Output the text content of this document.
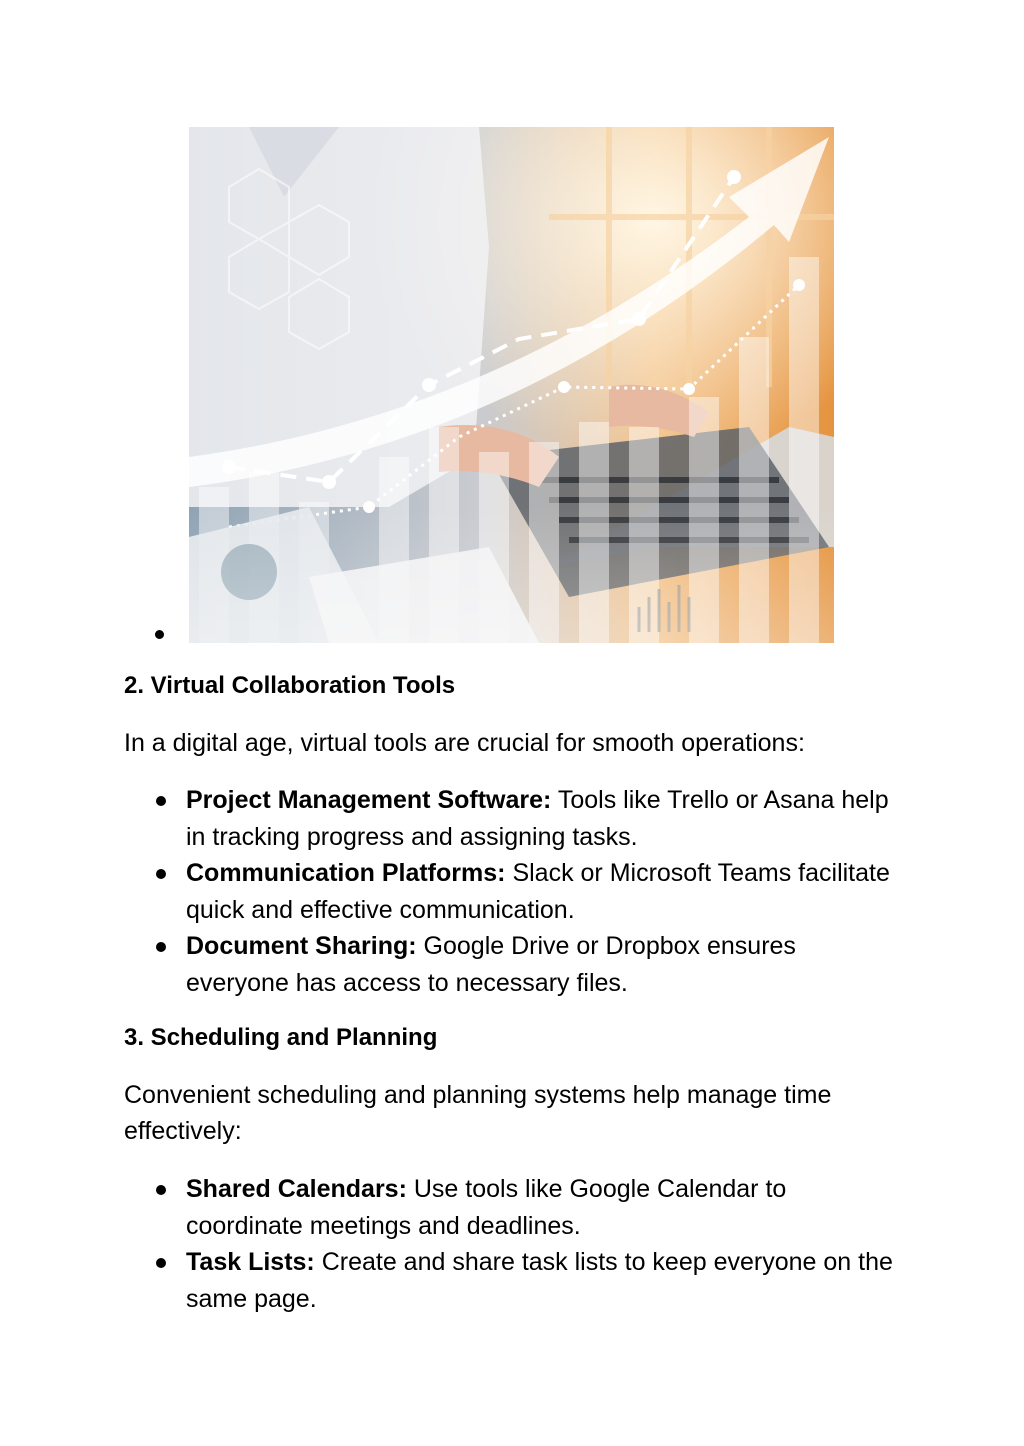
2. Virtual Collaboration Tools

In a digital age, virtual tools are crucial for smooth operations:

Project Management Software: Tools like Trello or Asana help in tracking progress and assigning tasks.
Communication Platforms: Slack or Microsoft Teams facilitate quick and effective communication.
Document Sharing: Google Drive or Dropbox ensures everyone has access to necessary files.
3. Scheduling and Planning

Convenient scheduling and planning systems help manage time effectively:

Shared Calendars: Use tools like Google Calendar to coordinate meetings and deadlines.
Task Lists: Create and share task lists to keep everyone on the same page.
